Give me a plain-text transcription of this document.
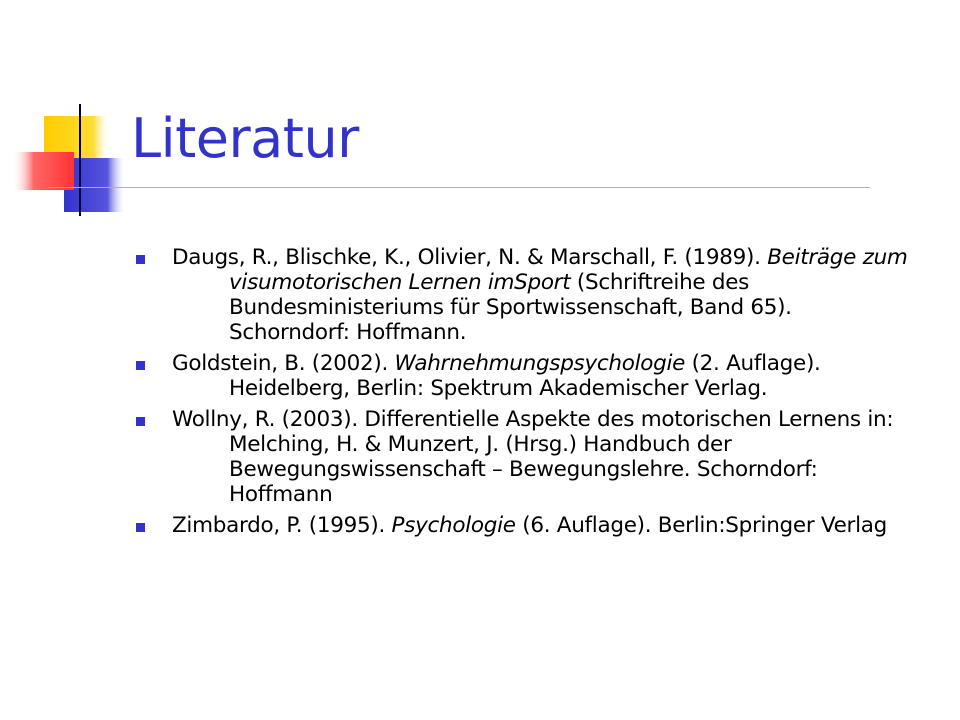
Literatur
Daugs, R., Blischke, K., Olivier, N. & Marschall, F. (1989). Beiträge zum visumotorischen Lernen imSport (Schriftreihe des Bundesministeriums für Sportwissenschaft, Band 65). Schorndorf: Hoffmann.
Goldstein, B. (2002). Wahrnehmungspsychologie (2. Auflage). Heidelberg, Berlin: Spektrum Akademischer Verlag.
Wollny, R. (2003). Differentielle Aspekte des motorischen Lernens in: Melching, H. & Munzert, J. (Hrsg.) Handbuch der Bewegungswissenschaft – Bewegungslehre. Schorndorf: Hoffmann
Zimbardo, P. (1995). Psychologie (6. Auflage). Berlin:Springer Verlag
